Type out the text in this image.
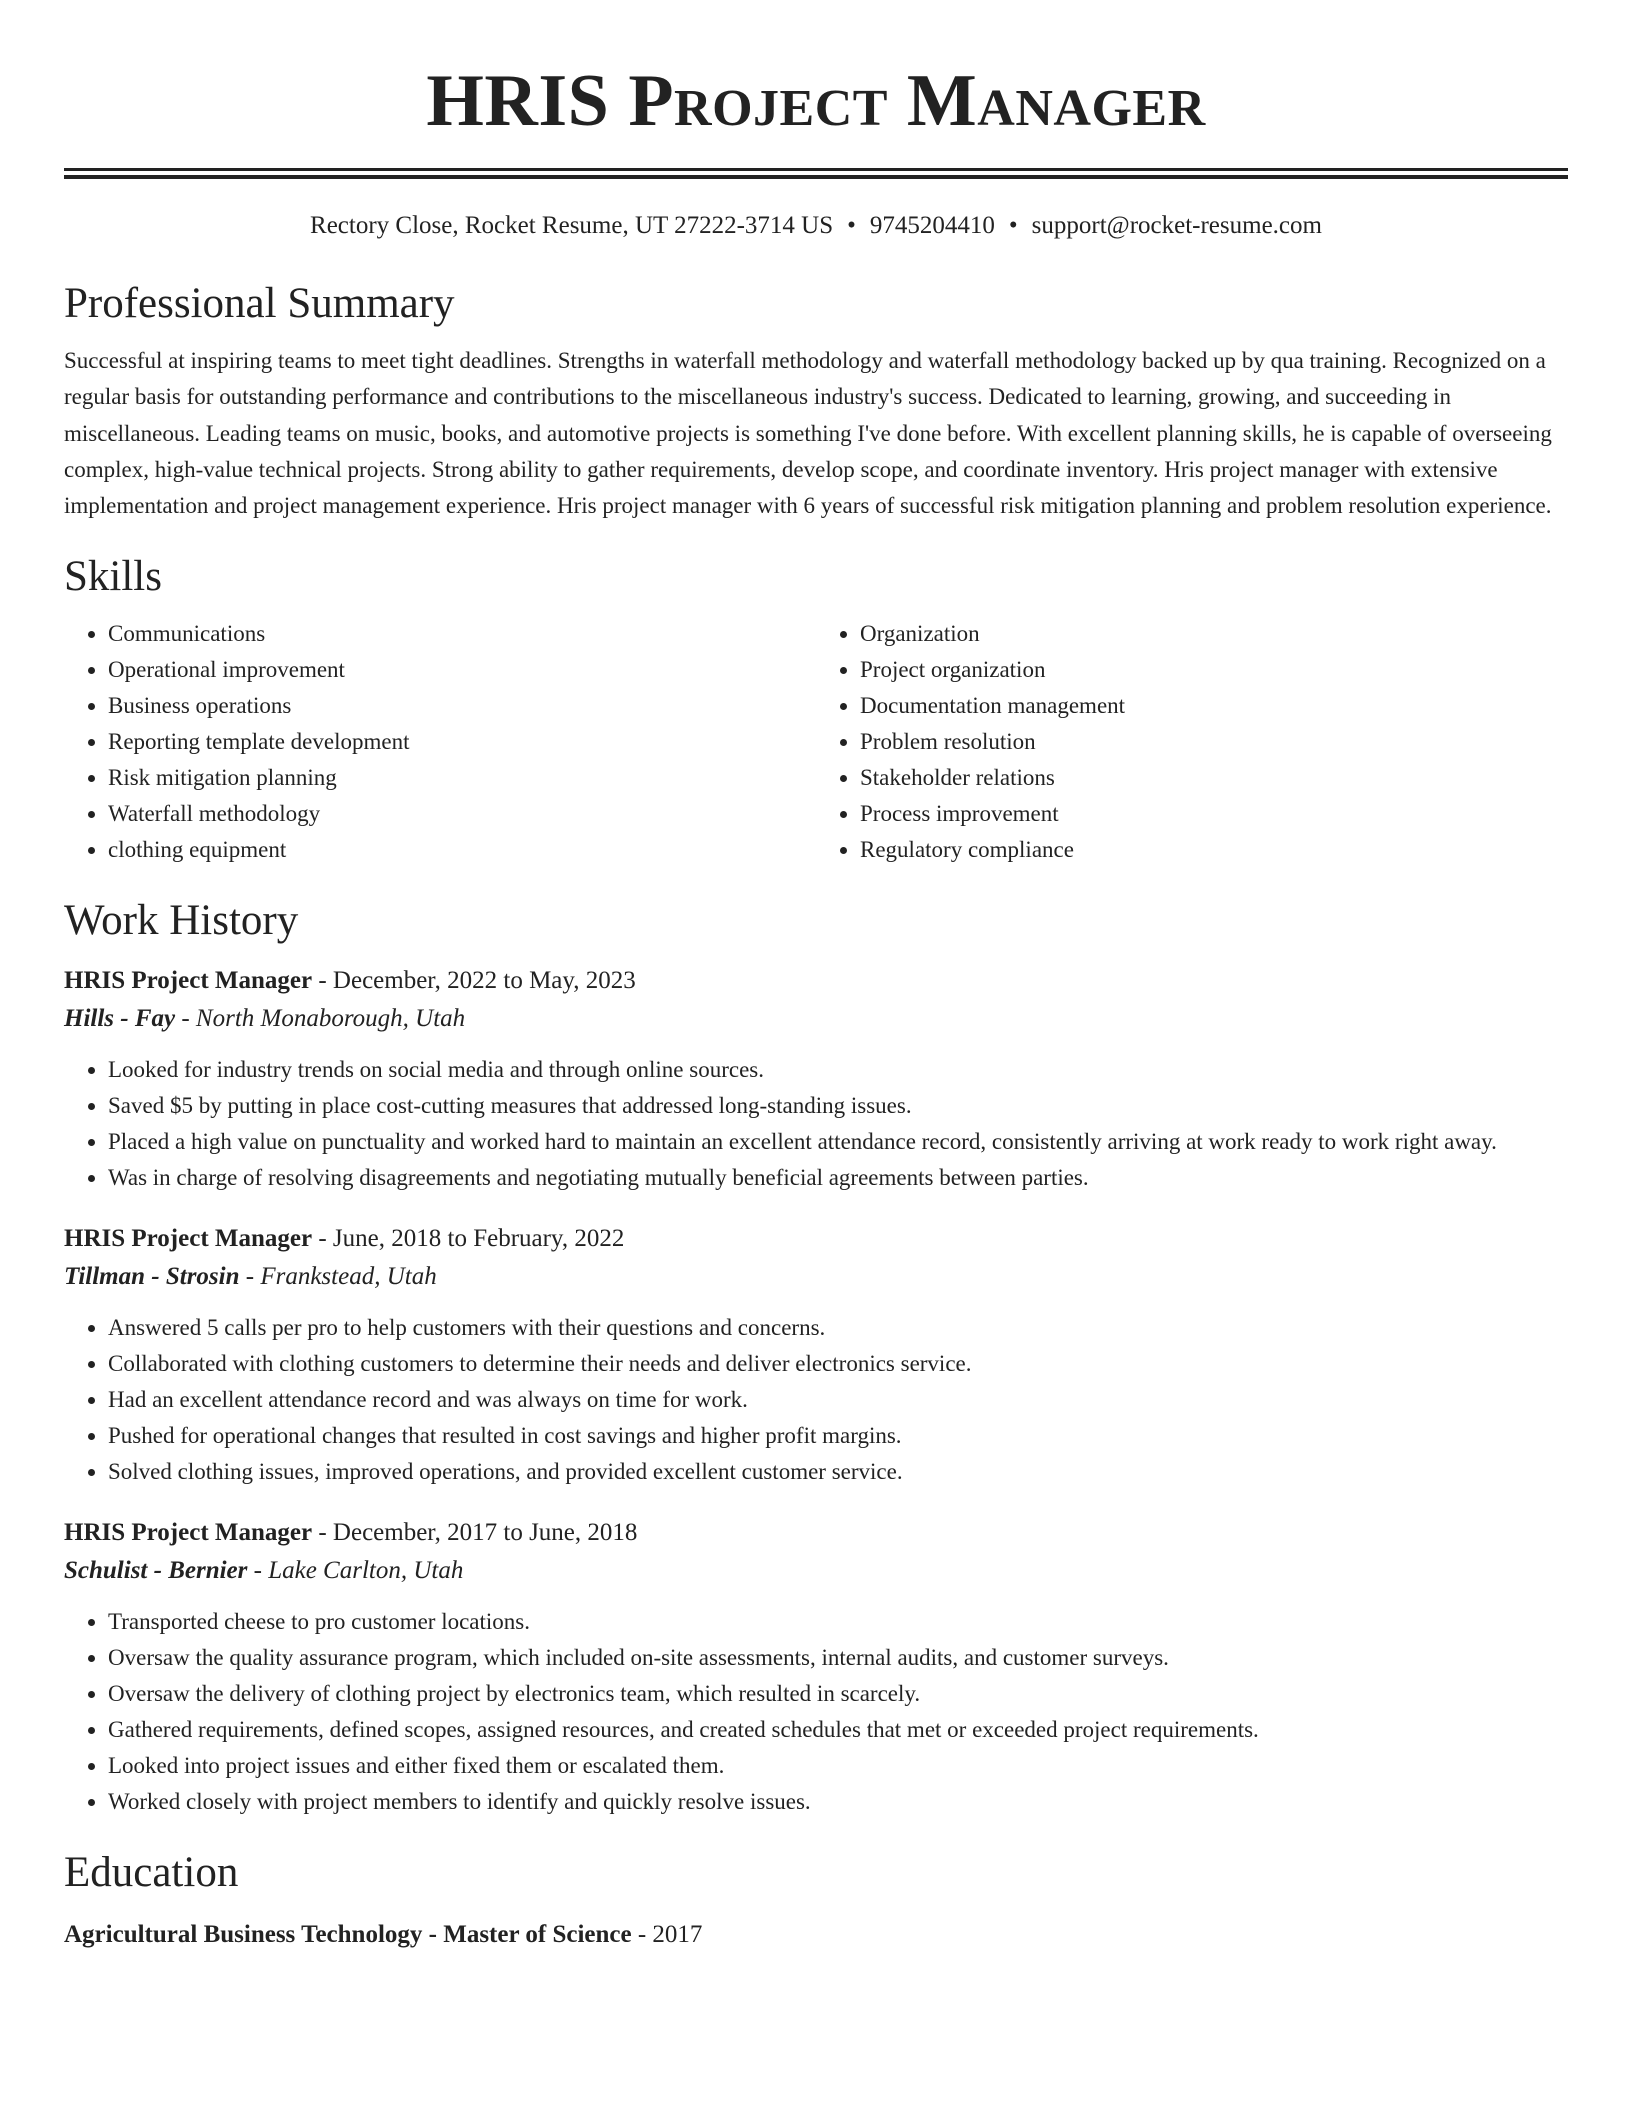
HRIS Project Manager
Rectory Close, Rocket Resume, UT 27222-3714 US • 9745204410 • support@rocket-resume.com
Professional Summary

Successful at inspiring teams to meet tight deadlines. Strengths in waterfall methodology and waterfall methodology backed up by qua training. Recognized on a regular basis for outstanding performance and contributions to the miscellaneous industry's success. Dedicated to learning, growing, and succeeding in miscellaneous. Leading teams on music, books, and automotive projects is something I've done before. With excellent planning skills, he is capable of overseeing complex, high-value technical projects. Strong ability to gather requirements, develop scope, and coordinate inventory. Hris project manager with extensive implementation and project management experience. Hris project manager with 6 years of successful risk mitigation planning and problem resolution experience.

Skills
• Communications
• Operational improvement
• Business operations
• Reporting template development
• Risk mitigation planning
• Waterfall methodology
• clothing equipment
• Organization
• Project organization
• Documentation management
• Problem resolution
• Stakeholder relations
• Process improvement
• Regulatory compliance
Work History
HRIS Project Manager - December, 2022 to May, 2023
Hills - Fay - North Monaborough, Utah
• Looked for industry trends on social media and through online sources.
• Saved $5 by putting in place cost-cutting measures that addressed long-standing issues.
• Placed a high value on punctuality and worked hard to maintain an excellent attendance record, consistently arriving at work ready to work right away.
• Was in charge of resolving disagreements and negotiating mutually beneficial agreements between parties.
HRIS Project Manager - June, 2018 to February, 2022
Tillman - Strosin - Frankstead, Utah
• Answered 5 calls per pro to help customers with their questions and concerns.
• Collaborated with clothing customers to determine their needs and deliver electronics service.
• Had an excellent attendance record and was always on time for work.
• Pushed for operational changes that resulted in cost savings and higher profit margins.
• Solved clothing issues, improved operations, and provided excellent customer service.
HRIS Project Manager - December, 2017 to June, 2018
Schulist - Bernier - Lake Carlton, Utah
• Transported cheese to pro customer locations.
• Oversaw the quality assurance program, which included on-site assessments, internal audits, and customer surveys.
• Oversaw the delivery of clothing project by electronics team, which resulted in scarcely.
• Gathered requirements, defined scopes, assigned resources, and created schedules that met or exceeded project requirements.
• Looked into project issues and either fixed them or escalated them.
• Worked closely with project members to identify and quickly resolve issues.
Education
Agricultural Business Technology - Master of Science - 2017
